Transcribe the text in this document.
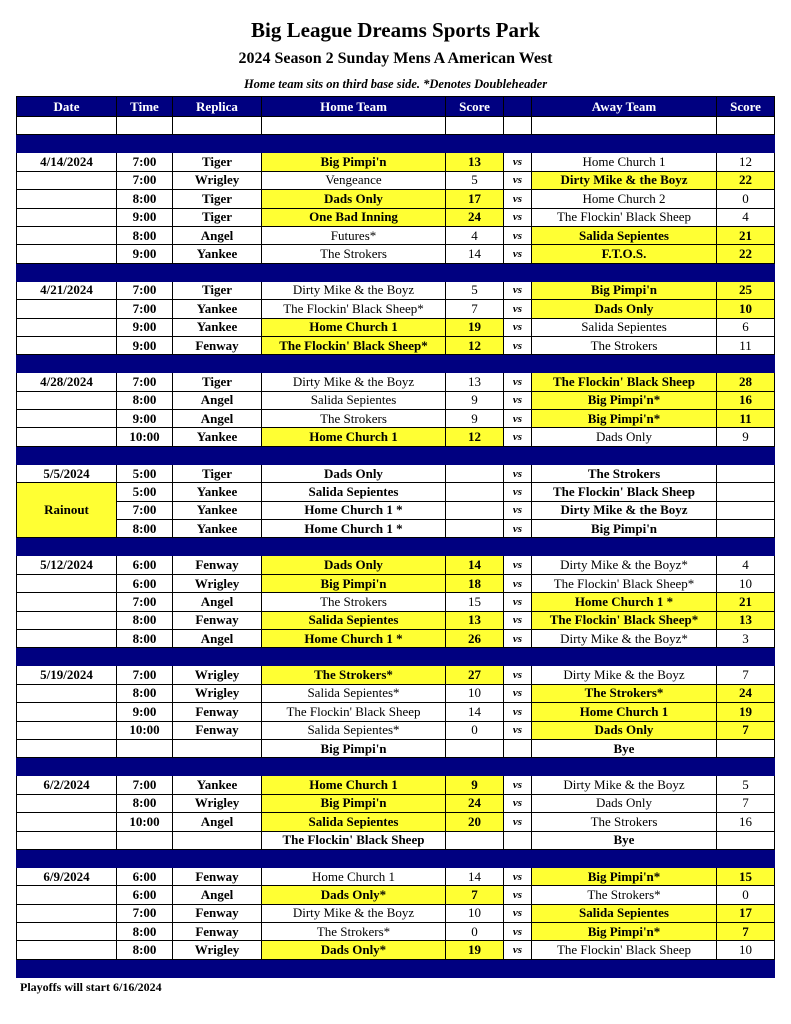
Big League Dreams Sports Park
2024 Season 2 Sunday Mens A American West
Home team sits on third base side. *Denotes Doubleheader
Date	Time	Replica	Home Team	Score		Away Team	Score

4/14/2024	7:00	Tiger	Big Pimpi'n	13	vs	Home Church 1	12
	7:00	Wrigley	Vengeance	5	vs	Dirty Mike & the Boyz	22
	8:00	Tiger	Dads Only	17	vs	Home Church 2	0
	9:00	Tiger	One Bad Inning	24	vs	The Flockin' Black Sheep	4
	8:00	Angel	Futures*	4	vs	Salida Sepientes	21
	9:00	Yankee	The Strokers	14	vs	F.T.O.S.	22

4/21/2024	7:00	Tiger	Dirty Mike & the Boyz	5	vs	Big Pimpi'n	25
	7:00	Yankee	The Flockin' Black Sheep*	7	vs	Dads Only	10
	9:00	Yankee	Home Church 1	19	vs	Salida Sepientes	6
	9:00	Fenway	The Flockin' Black Sheep*	12	vs	The Strokers	11

4/28/2024	7:00	Tiger	Dirty Mike & the Boyz	13	vs	The Flockin' Black Sheep	28
	8:00	Angel	Salida Sepientes	9	vs	Big Pimpi'n*	16
	9:00	Angel	The Strokers	9	vs	Big Pimpi'n*	11
	10:00	Yankee	Home Church 1	12	vs	Dads Only	9

5/5/2024	5:00	Tiger	Dads Only		vs	The Strokers	
Rainout	5:00	Yankee	Salida Sepientes		vs	The Flockin' Black Sheep	
	7:00	Yankee	Home Church 1 *		vs	Dirty Mike & the Boyz	
	8:00	Yankee	Home Church 1 *		vs	Big Pimpi'n	

5/12/2024	6:00	Fenway	Dads Only	14	vs	Dirty Mike & the Boyz*	4
	6:00	Wrigley	Big Pimpi'n	18	vs	The Flockin' Black Sheep*	10
	7:00	Angel	The Strokers	15	vs	Home Church 1 *	21
	8:00	Fenway	Salida Sepientes	13	vs	The Flockin' Black Sheep*	13
	8:00	Angel	Home Church 1 *	26	vs	Dirty Mike & the Boyz*	3

5/19/2024	7:00	Wrigley	The Strokers*	27	vs	Dirty Mike & the Boyz	7
	8:00	Wrigley	Salida Sepientes*	10	vs	The Strokers*	24
	9:00	Fenway	The Flockin' Black Sheep	14	vs	Home Church 1	19
	10:00	Fenway	Salida Sepientes*	0	vs	Dads Only	7
			Big Pimpi'n			Bye	

6/2/2024	7:00	Yankee	Home Church 1	9	vs	Dirty Mike & the Boyz	5
	8:00	Wrigley	Big Pimpi'n	24	vs	Dads Only	7
	10:00	Angel	Salida Sepientes	20	vs	The Strokers	16
			The Flockin' Black Sheep			Bye	

6/9/2024	6:00	Fenway	Home Church 1	14	vs	Big Pimpi'n*	15
	6:00	Angel	Dads Only*	7	vs	The Strokers*	0
	7:00	Fenway	Dirty Mike & the Boyz	10	vs	Salida Sepientes	17
	8:00	Fenway	The Strokers*	0	vs	Big Pimpi'n*	7
	8:00	Wrigley	Dads Only*	19	vs	The Flockin' Black Sheep	10

Playoffs will start 6/16/2024
